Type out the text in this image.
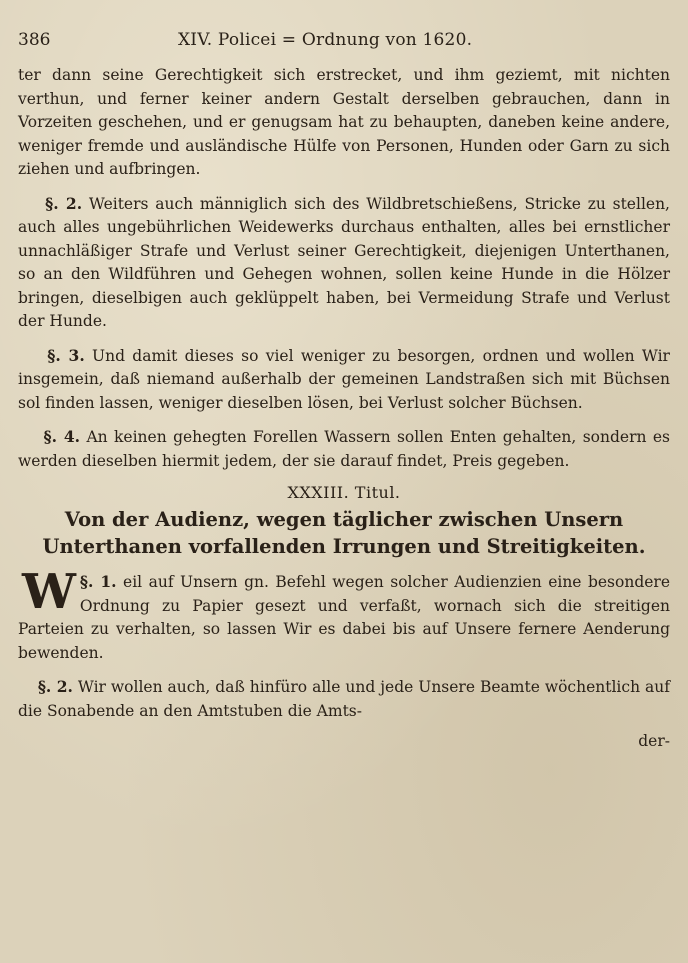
386	XIV. Policei = Ordnung von 1620.

ter dann seine Gerechtigkeit sich erstrecket, und ihm geziemt, mit nichten verthun, und ferner keiner andern Gestalt derselben gebrauchen, dann in Vorzeiten geschehen, und er genugsam hat zu behaupten, daneben keine andere, weniger fremde und ausländische Hülfe von Personen, Hunden oder Garn zu sich ziehen und aufbringen.

§. 2. Weiters auch männiglich sich des Wildbretschießens, Stricke zu stellen, auch alles ungebührlichen Weidewerks durchaus enthalten, alles bei ernstlicher unnachläßiger Strafe und Verlust seiner Gerechtigkeit, diejenigen Unterthanen, so an den Wildführen und Gehegen wohnen, sollen keine Hunde in die Hölzer bringen, dieselbigen auch geklüppelt haben, bei Vermeidung Strafe und Verlust der Hunde.

§. 3. Und damit dieses so viel weniger zu besorgen, ordnen und wollen Wir insgemein, daß niemand außerhalb der gemeinen Landstraßen sich mit Büchsen sol finden lassen, weniger dieselben lösen, bei Verlust solcher Büchsen.

§. 4. An keinen gehegten Forellen Wassern sollen Enten gehalten, sondern es werden dieselben hiermit jedem, der sie darauf findet, Preis gegeben.

XXXIII. Titul.
Von der Audienz, wegen täglicher zwischen Unsern Unterthanen vorfallenden Irrungen und Streitigkeiten.

§. 1.
W	eil auf Unsern gn. Befehl wegen solcher Audienzien eine besondere Ordnung zu Papier gesezt und verfaßt, wornach sich die streitigen Parteien zu verhalten, so lassen Wir es dabei bis auf Unsere fernere Aenderung bewenden.

§. 2. Wir wollen auch, daß hinfüro alle und jede Unsere Beamte wöchentlich auf die Sonabende an den Amtstuben die Amts-

der-
